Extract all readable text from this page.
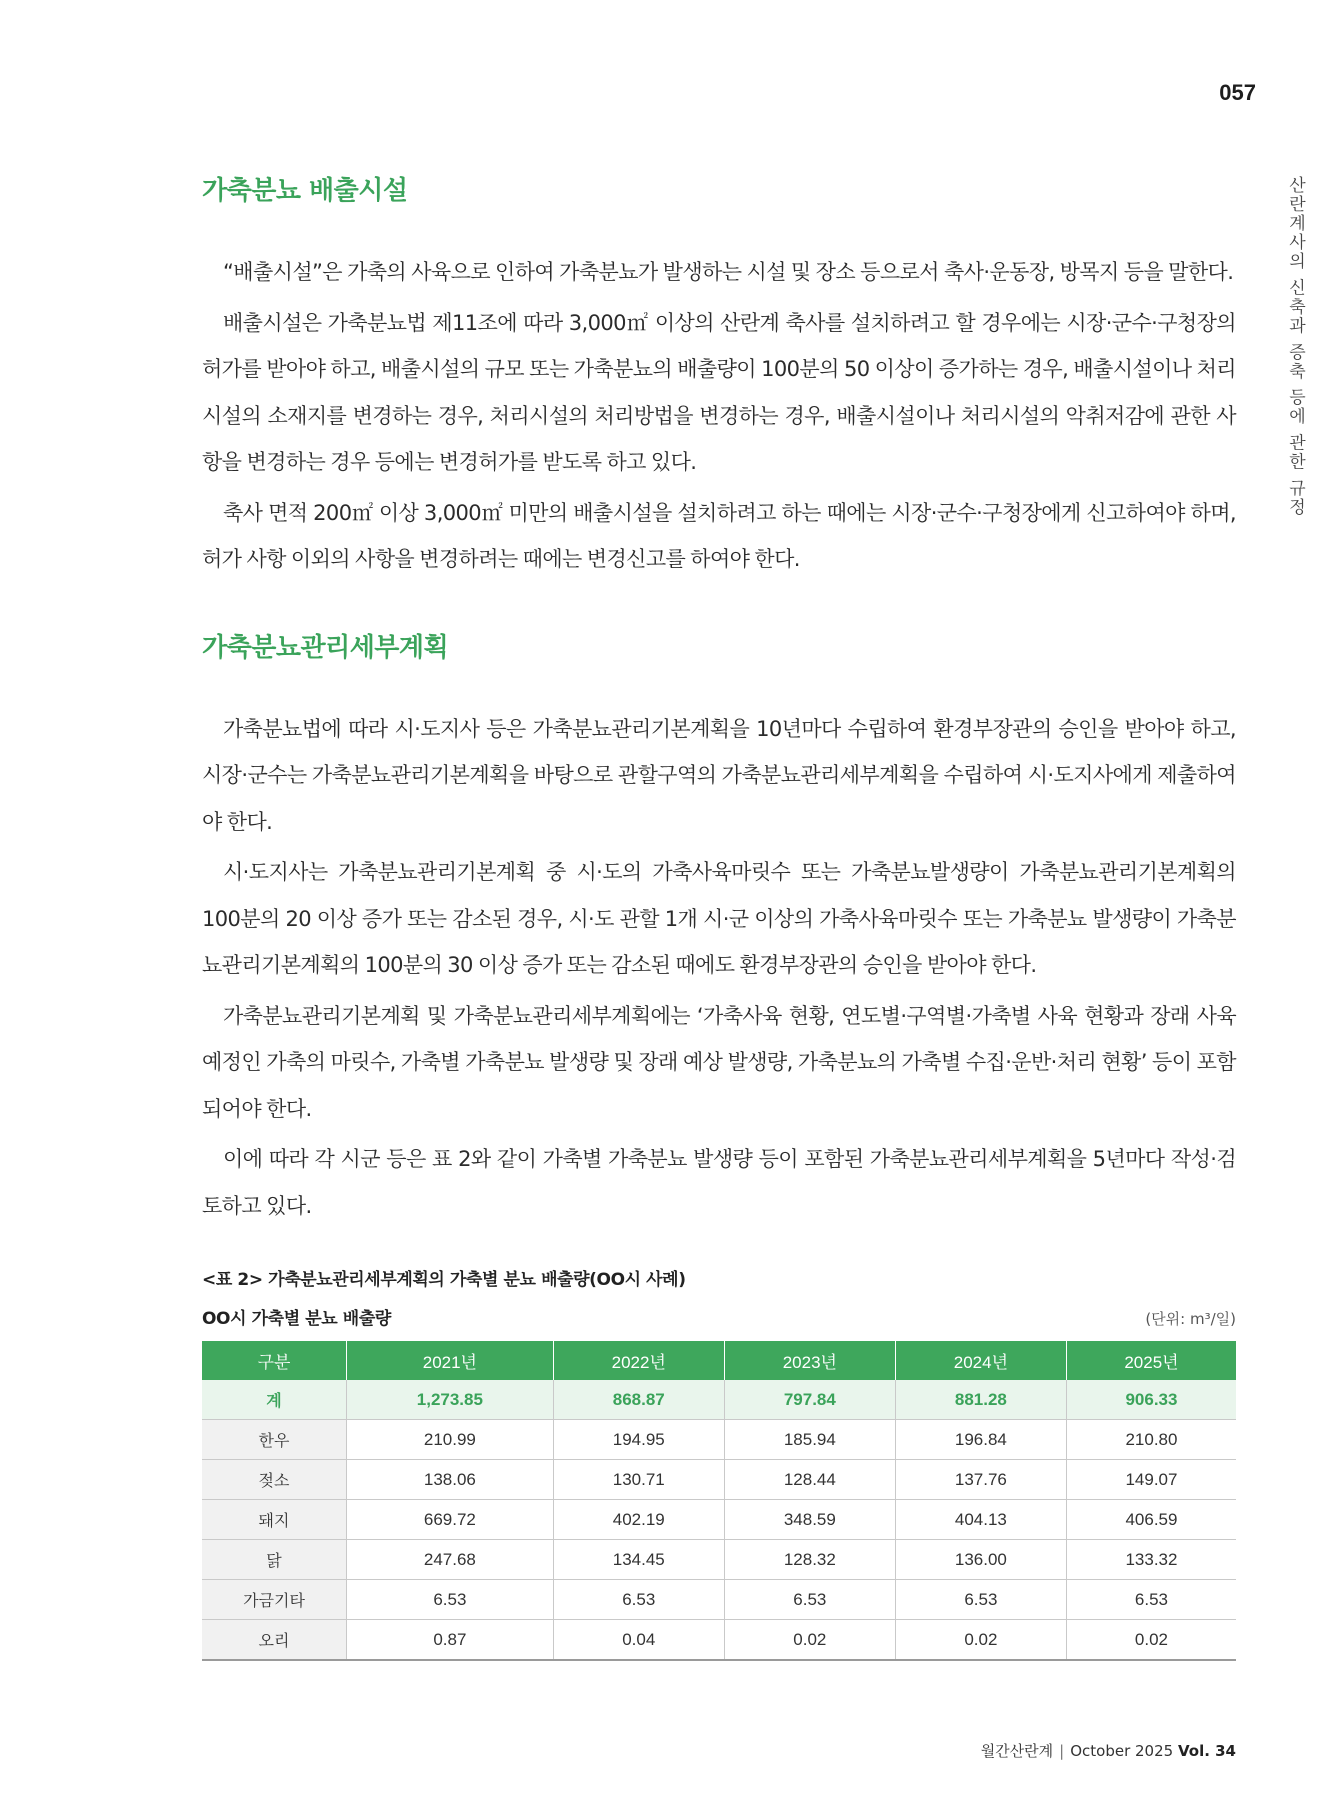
057
산란계사의 신축과 증축 등에 관한 규정
가축분뇨 배출시설

“배출시설”은 가축의 사육으로 인하여 가축분뇨가 발생하는 시설 및 장소 등으로서 축사·운동장, 방목지 등을 말한다.

배출시설은 가축분뇨법 제11조에 따라 3,000㎡ 이상의 산란계 축사를 설치하려고 할 경우에는 시장·군수·구청장의 허가를 받아야 하고, 배출시설의 규모 또는 가축분뇨의 배출량이 100분의 50 이상이 증가하는 경우, 배출시설이나 처리시설의 소재지를 변경하는 경우, 처리시설의 처리방법을 변경하는 경우, 배출시설이나 처리시설의 악취저감에 관한 사항을 변경하는 경우 등에는 변경허가를 받도록 하고 있다.

축사 면적 200㎡ 이상 3,000㎡ 미만의 배출시설을 설치하려고 하는 때에는 시장·군수·구청장에게 신고하여야 하며, 허가 사항 이외의 사항을 변경하려는 때에는 변경신고를 하여야 한다.

가축분뇨관리세부계획

가축분뇨법에 따라 시·도지사 등은 가축분뇨관리기본계획을 10년마다 수립하여 환경부장관의 승인을 받아야 하고, 시장·군수는 가축분뇨관리기본계획을 바탕으로 관할구역의 가축분뇨관리세부계획을 수립하여 시·도지사에게 제출하여야 한다.

시·도지사는 가축분뇨관리기본계획 중 시·도의 가축사육마릿수 또는 가축분뇨발생량이 가축분뇨관리기본계획의 100분의 20 이상 증가 또는 감소된 경우, 시·도 관할 1개 시·군 이상의 가축사육마릿수 또는 가축분뇨 발생량이 가축분뇨관리기본계획의 100분의 30 이상 증가 또는 감소된 때에도 환경부장관의 승인을 받아야 한다.

가축분뇨관리기본계획 및 가축분뇨관리세부계획에는 ‘가축사육 현황, 연도별·구역별·가축별 사육 현황과 장래 사육 예정인 가축의 마릿수, 가축별 가축분뇨 발생량 및 장래 예상 발생량, 가축분뇨의 가축별 수집·운반·처리 현황’ 등이 포함되어야 한다.

이에 따라 각 시군 등은 표 2와 같이 가축별 가축분뇨 발생량 등이 포함된 가축분뇨관리세부계획을 5년마다 작성·검토하고 있다.

<표 2> 가축분뇨관리세부계획의 가축별 분뇨 배출량(OO시 사례)
OO시 가축별 분뇨 배출량	(단위: m³/일)
구분	2021년	2022년	2023년	2024년	2025년
계	1,273.85	868.87	797.84	881.28	906.33
한우	210.99	194.95	185.94	196.84	210.80
젖소	138.06	130.71	128.44	137.76	149.07
돼지	669.72	402.19	348.59	404.13	406.59
닭	247.68	134.45	128.32	136.00	133.32
가금기타	6.53	6.53	6.53	6.53	6.53
오리	0.87	0.04	0.02	0.02	0.02
월간산란계 | October 2025 Vol. 34
